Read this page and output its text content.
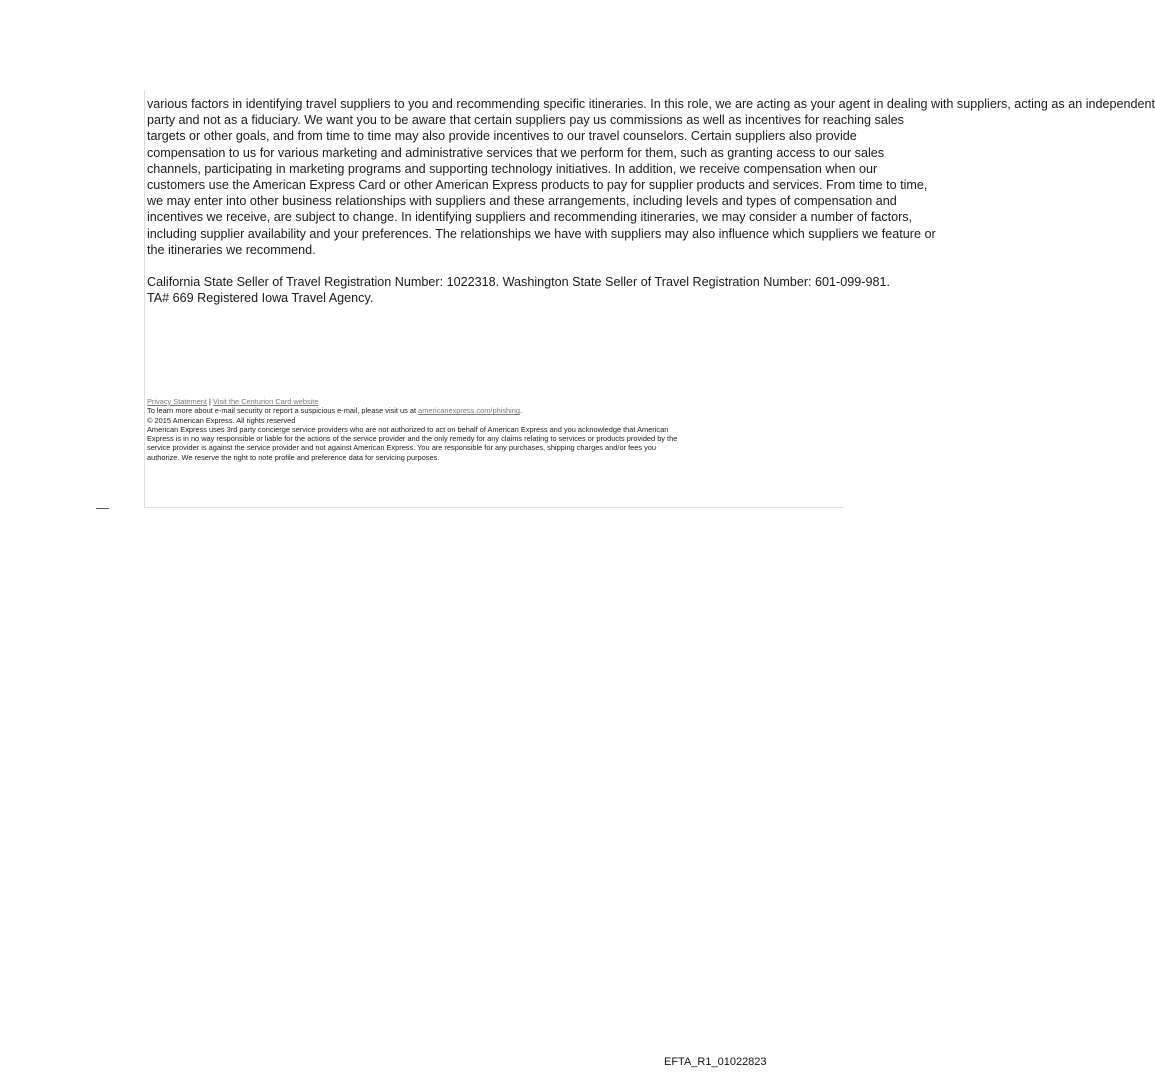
various factors in identifying travel suppliers to you and recommending specific itineraries. In this role, we are acting as your agent in dealing with suppliers, acting as an independent
party and not as a fiduciary. We want you to be aware that certain suppliers pay us commissions as well as incentives for reaching sales
targets or other goals, and from time to time may also provide incentives to our travel counselors. Certain suppliers also provide
compensation to us for various marketing and administrative services that we perform for them, such as granting access to our sales
channels, participating in marketing programs and supporting technology initiatives. In addition, we receive compensation when our
customers use the American Express Card or other American Express products to pay for supplier products and services. From time to time,
we may enter into other business relationships with suppliers and these arrangements, including levels and types of compensation and
incentives we receive, are subject to change. In identifying suppliers and recommending itineraries, we may consider a number of factors,
including supplier availability and your preferences. The relationships we have with suppliers may also influence which suppliers we feature or
the itineraries we recommend.
California State Seller of Travel Registration Number: 1022318. Washington State Seller of Travel Registration Number: 601-099-981.
TA# 669 Registered Iowa Travel Agency.
Privacy Statement | Visit the Centurion Card website
To learn more about e-mail security or report a suspicious e-mail, please visit us at americanexpress.com/phishing.
© 2015 American Express. All rights reserved
American Express uses 3rd party concierge service providers who are not authorized to act on behalf of American Express and you acknowledge that American
Express is in no way responsible or liable for the actions of the service provider and the only remedy for any claims relating to services or products provided by the
service provider is against the service provider and not against American Express. You are responsible for any purchases, shipping charges and/or fees you
authorize. We reserve the right to note profile and preference data for servicing purposes.
EFTA_R1_01022823
